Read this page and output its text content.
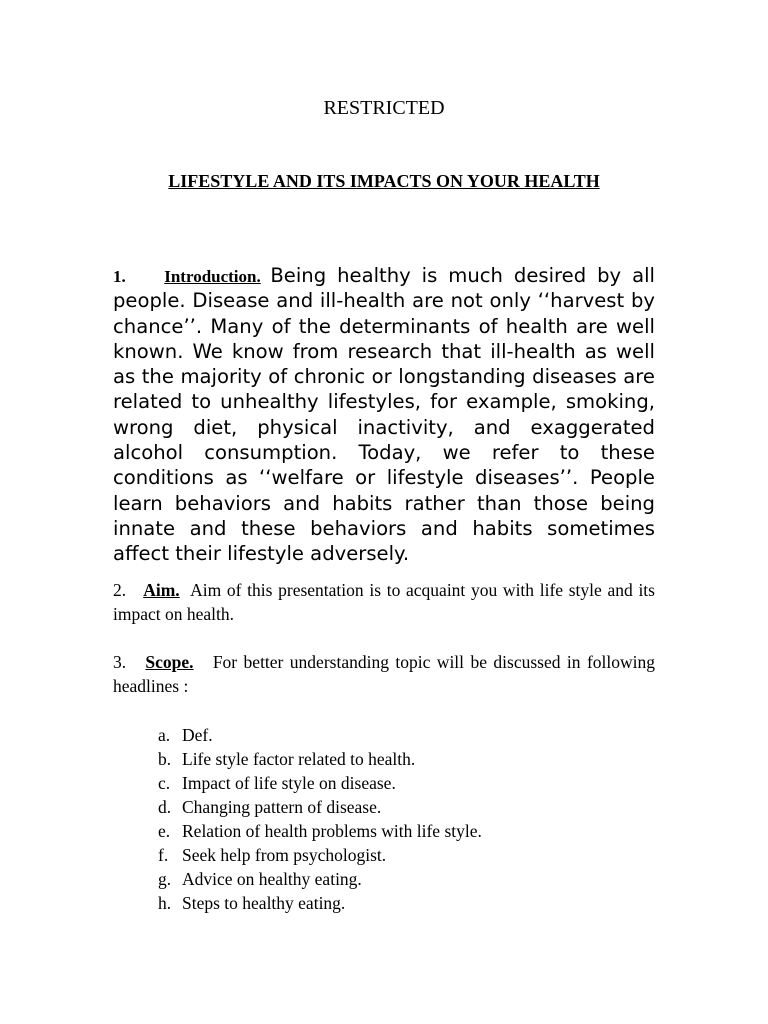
RESTRICTED
LIFESTYLE AND ITS IMPACTS ON YOUR HEALTH
1. Introduction. Being healthy is much desired by all people. Disease and ill-health are not only ‘‘harvest by chance’’. Many of the determinants of health are well known. We know from research that ill-health as well as the majority of chronic or longstanding diseases are related to unhealthy lifestyles, for example, smoking, wrong diet, physical inactivity, and exaggerated alcohol consumption. Today, we refer to these conditions as ‘‘welfare or lifestyle diseases’’. People learn behaviors and habits rather than those being innate and these behaviors and habits sometimes affect their lifestyle adversely.
2. Aim. Aim of this presentation is to acquaint you with life style and its impact on health.
3. Scope. For better understanding topic will be discussed in following headlines :
a. Def.
b. Life style factor related to health.
c. Impact of life style on disease.
d. Changing pattern of disease.
e. Relation of health problems with life style.
f. Seek help from psychologist.
g. Advice on healthy eating.
h. Steps to healthy eating.
